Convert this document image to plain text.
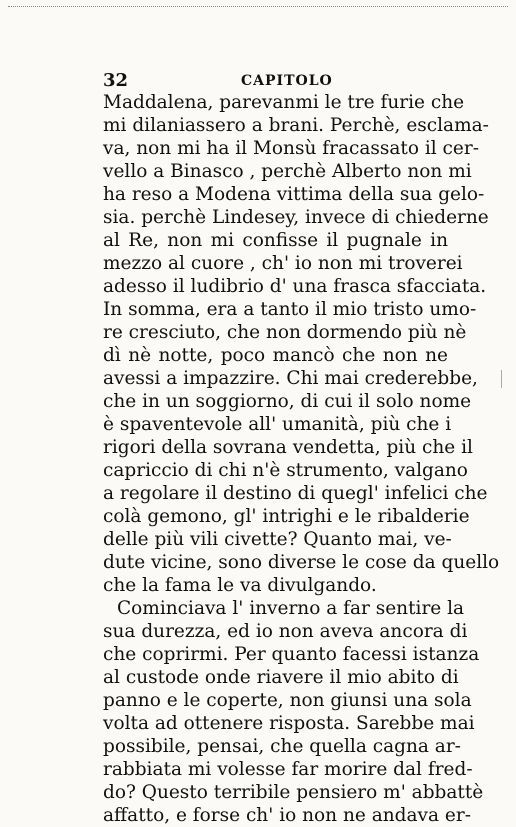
32	CAPITOLO
Maddalena, parevanmi le tre furie che
mi dilaniassero a brani. Perchè, esclama-
va, non mi ha il Monsù fracassato il cer-
vello a Binasco , perchè Alberto non mi
ha reso a Modena vittima della sua gelo-
sia. perchè Lindesey, invece di chiederne
al Re, non mi confisse il pugnale in
mezzo al cuore , ch' io non mi troverei
adesso il ludibrio d' una frasca sfacciata.
In somma, era a tanto il mio tristo umo-
re cresciuto, che non dormendo più nè
dì nè notte, poco mancò che non ne
avessi a impazzire. Chi mai crederebbe,
che in un soggiorno, di cui il solo nome
è spaventevole all' umanità, più che i
rigori della sovrana vendetta, più che il
capriccio di chi n'è strumento, valgano
a regolare il destino di quegl' infelici che
colà gemono, gl' intrighi e le ribalderie
delle più vili civette? Quanto mai, ve-
dute vicine, sono diverse le cose da quello
che la fama le va divulgando.
Cominciava l' inverno a far sentire la
sua durezza, ed io non aveva ancora di
che coprirmi. Per quanto facessi istanza
al custode onde riavere il mio abito di
panno e le coperte, non giunsi una sola
volta ad ottenere risposta. Sarebbe mai
possibile, pensai, che quella cagna ar-
rabbiata mi volesse far morire dal fred-
do? Questo terribile pensiero m' abbattè
affatto, e forse ch' io non ne andava er-
